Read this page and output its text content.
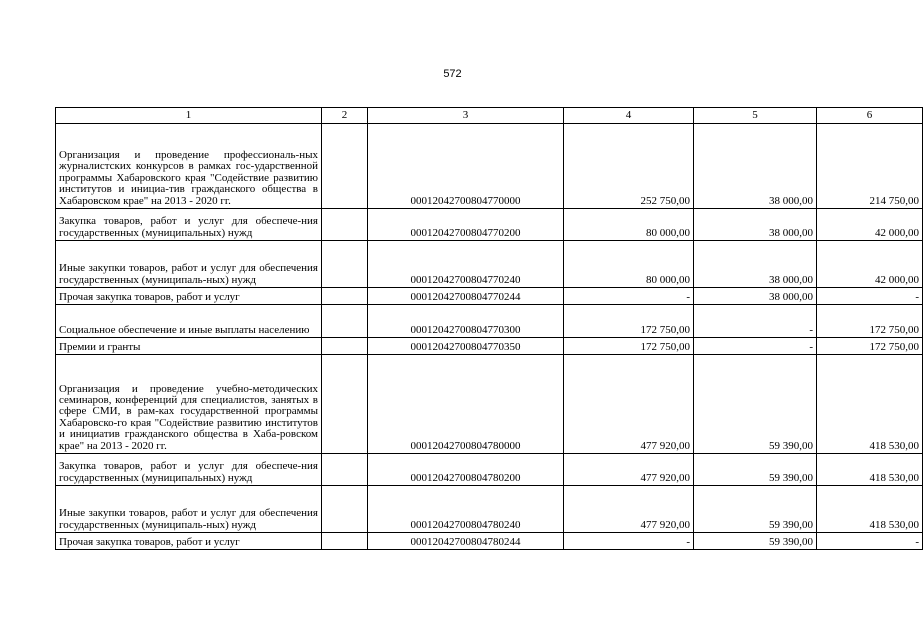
572
1	2	3	4	5	6
Организация и проведение профессиональ-ных журналистских конкурсов в рамках гос-ударственной программы Хабаровского края "Содействие развитию институтов и инициа-тив гражданского общества в Хабаровском крае" на 2013 - 2020 гг.		00012042700804770000	252 750,00	38 000,00	214 750,00
Закупка товаров, работ и услуг для обеспече-ния государственных (муниципальных) нужд		00012042700804770200	80 000,00	38 000,00	42 000,00
Иные закупки товаров, работ и услуг для обеспечения государственных (муниципаль-ных) нужд		00012042700804770240	80 000,00	38 000,00	42 000,00
Прочая закупка товаров, работ и услуг		00012042700804770244	-	38 000,00	-
Социальное обеспечение и иные выплаты населению		00012042700804770300	172 750,00	-	172 750,00
Премии и гранты		00012042700804770350	172 750,00	-	172 750,00
Организация и проведение учебно-методических семинаров, конференций для специалистов, занятых в сфере СМИ, в рам-ках государственной программы Хабаровско-го края "Содействие развитию институтов и инициатив гражданского общества в Хаба-ровском крае" на 2013 - 2020 гг.		00012042700804780000	477 920,00	59 390,00	418 530,00
Закупка товаров, работ и услуг для обеспече-ния государственных (муниципальных) нужд		00012042700804780200	477 920,00	59 390,00	418 530,00
Иные закупки товаров, работ и услуг для обеспечения государственных (муниципаль-ных) нужд		00012042700804780240	477 920,00	59 390,00	418 530,00
Прочая закупка товаров, работ и услуг		00012042700804780244	-	59 390,00	-
